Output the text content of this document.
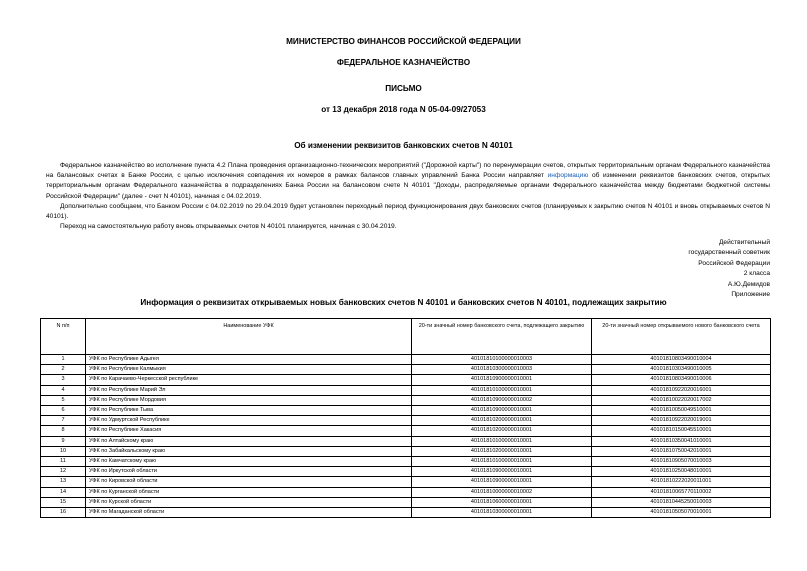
МИНИСТЕРСТВО ФИНАНСОВ РОССИЙСКОЙ ФЕДЕРАЦИИ
ФЕДЕРАЛЬНОЕ КАЗНАЧЕЙСТВО
ПИСЬМО
от 13 декабря 2018 года N 05-04-09/27053
Об изменении реквизитов банковских счетов N 40101

Федеральное казначейство во исполнение пункта 4.2 Плана проведения организационно-технических мероприятий ("Дорожной карты") по перенумерации счетов, открытых территориальным органам Федерального казначейства на балансовых счетах в Банке России, с целью исключения совпадения их номеров в рамках балансов главных управлений Банка России направляет информацию об изменении реквизитов банковских счетов, открытых территориальным органам Федерального казначейства в подразделениях Банка России на балансовом счете N 40101 "Доходы, распределяемые органами Федерального казначейства между бюджетами бюджетной системы Российской Федерации" (далее - счет N 40101), начиная с 04.02.2019.

Дополнительно сообщаем, что Банком России с 04.02.2019 по 29.04.2019 будет установлен переходный период функционирования двух банковских счетов (планируемых к закрытию счетов N 40101 и вновь открываемых счетов N 40101).

Переход на самостоятельную работу вновь открываемых счетов N 40101 планируется, начиная с 30.04.2019.

Действительный
государственный советник
Российской Федерации
2 класса
А.Ю.Демидов
Приложение
Информация о реквизитах открываемых новых банковских счетов N 40101 и банковских счетов N 40101, подлежащих закрытию
N п/п	Наименование УФК	20-ти значный номер банковского счета, подлежащего закрытию	20-ти значный номер открываемого нового банковского счета
1	УФК по Республике Адыгея	40101810100000010003	40101810803490010004
2	УФК по Республике Калмыкия	40101810300000010003	40101810303490010005
3	УФК по Карачаево-Черкесской республике	40101810900000010001	40101810803490010006
4	УФК по Республике Марий Эл	40101810100000010001	40101810922020016001
5	УФК по Республике Мордовия	40101810900000010002	40101810022020017002
6	УФК по Республике Тыва	40101810900000010001	40101810050049510001
7	УФК по Удмуртской Республике	40101810200000010001	40101810922020019001
8	УФК по Республике Хакасия	40101810200000010001	40101810150045510001
9	УФК по Алтайскому краю	40101810100000010001	40101810350041010001
10	УФК по Забайкальскому краю	40101810200000010001	40101810750042010001
11	УФК по Камчатскому краю	40101810100000010001	40101810905070010003
12	УФК по Иркутской области	40101810900000010001	40101810250048010001
13	УФК по Кировской области	40101810900000010001	40101810222020011001
14	УФК по Курганской области	40101810000000010002	40101810065770110002
15	УФК по Курской области	40101810600000010001	40101810445250010003
16	УФК по Магаданской области	40101810300000010001	40101810505070010001
